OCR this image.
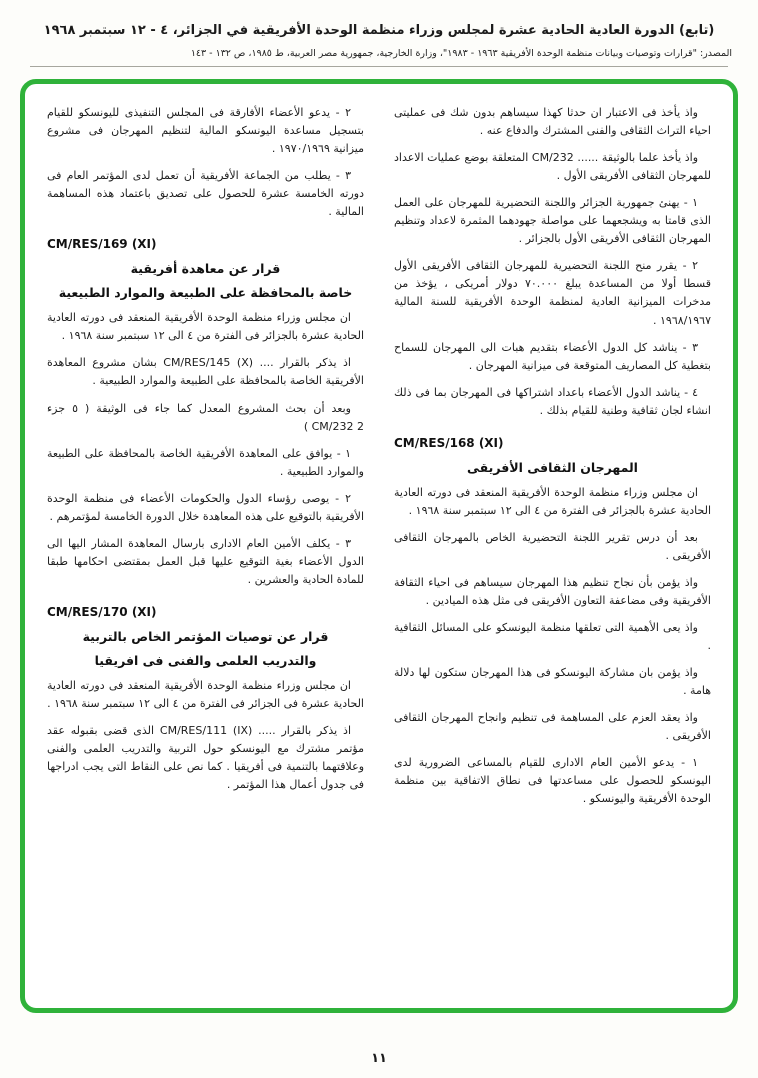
(تابع) الدورة العادية الحادية عشرة لمجلس وزراء منظمة الوحدة الأفريقية في الجزائر، ٤ - ١٢ سبتمبر ١٩٦٨
المصدر: "قرارات وتوصيات وبيانات منظمة الوحدة الأفريقية ١٩٦٣ - ١٩٨٣"، وزارة الخارجية، جمهورية مصر العربية، ط ١٩٨٥، ص ١٣٢ - ١٤٣

واذ يأخذ فى الاعتبار ان حدثا كهذا سيساهم بدون شك فى عمليتى احياء التراث الثقافى والفنى المشترك والدفاع عنه .

واذ يأخذ علما بالوثيقة ...... CM/232 المتعلقة بوضع عمليات الاعداد للمهرجان الثقافى الأفريقى الأول .

١ - يهنئ جمهورية الجزائر واللجنة التحضيرية للمهرجان على العمل الذى قامتا به ويشجعهما على مواصلة جهودهما المثمرة لاعداد وتنظيم المهرجان الثقافى الأفريقى الأول بالجزائر .

٢ - يقرر منح اللجنة التحضيرية للمهرجان الثقافى الأفريقى الأول قسطا أولا من المساعدة يبلغ ٧٠.٠٠٠ دولار أمريكى ، يؤخذ من مدخرات الميزانية العادية لمنظمة الوحدة الأفريقية للسنة المالية ١٩٦٨/١٩٦٧ .

٣ - يناشد كل الدول الأعضاء بتقديم هبات الى المهرجان للسماح بتغطية كل المصاريف المتوقعة فى ميزانية المهرجان .

٤ - يناشد الدول الأعضاء باعداد اشتراكها فى المهرجان بما فى ذلك انشاء لجان ثقافية وطنية للقيام بذلك .

CM/RES/168 (XI)
المهرجان الثقافى الأفريقى

ان مجلس وزراء منظمة الوحدة الأفريقية المنعقد فى دورته العادية الحادية عشرة بالجزائر فى الفترة من ٤ الى ١٢ سبتمبر سنة ١٩٦٨ .

بعد أن درس تقرير اللجنة التحضيرية الخاص بالمهرجان الثقافى الأفريقى .

واذ يؤمن بأن نجاح تنظيم هذا المهرجان سيساهم فى احياء الثقافة الأفريقية وفى مضاعفة التعاون الأفريقى فى مثل هذه الميادين .

واذ يعى الأهمية التى تعلقها منظمة اليونسكو على المسائل الثقافية .

واذ يؤمن بان مشاركة اليونسكو فى هذا المهرجان ستكون لها دلالة هامة .

واذ يعقد العزم على المساهمة فى تنظيم وانجاح المهرجان الثقافى الأفريقى .

١ - يدعو الأمين العام الادارى للقيام بالمساعى الضرورية لدى اليونسكو للحصول على مساعدتها فى نطاق الاتفاقية بين منظمة الوحدة الأفريقية واليونسكو .

٢ - يدعو الأعضاء الأفارقة فى المجلس التنفيذى لليونسكو للقيام بتسجيل مساعدة اليونسكو المالية لتنظيم المهرجان فى مشروع ميزانية ١٩٧٠/١٩٦٩ .

٣ - يطلب من الجماعة الأفريقية أن تعمل لدى المؤتمر العام فى دورته الخامسة عشرة للحصول على تصديق باعتماد هذه المساهمة المالية .

CM/RES/169 (XI)
قرار عن معاهدة أفريقية
خاصة بالمحافظة على الطبيعة والموارد الطبيعية

ان مجلس وزراء منظمة الوحدة الأفريقية المنعقد فى دورته العادية الحادية عشرة بالجزائر فى الفترة من ٤ الى ١٢ سبتمبر سنة ١٩٦٨ .

اذ يذكر بالقرار .... CM/RES/145 (X) بشان مشروع المعاهدة الأفريقية الخاصة بالمحافظة على الطبيعة والموارد الطبيعية .

وبعد أن بحث المشروع المعدل كما جاء فى الوثيقة ( ٥ جزء CM/232 2 )

١ - يوافق على المعاهدة الأفريقية الخاصة بالمحافظة على الطبيعة والموارد الطبيعية .

٢ - يوصى رؤساء الدول والحكومات الأعضاء فى منظمة الوحدة الأفريقية بالتوقيع على هذه المعاهدة خلال الدورة الخامسة لمؤتمرهم .

٣ - يكلف الأمين العام الادارى بارسال المعاهدة المشار اليها الى الدول الأعضاء بغية التوقيع عليها قبل العمل بمقتضى احكامها طبقا للمادة الحادية والعشرين .

CM/RES/170 (XI)
قرار عن توصيات المؤتمر الخاص بالتربية
والتدريب العلمى والفنى فى افريقيا

ان مجلس وزراء منظمة الوحدة الأفريقية المنعقد فى دورته العادية الحادية عشرة فى الجزائر فى الفترة من ٤ الى ١٢ سبتمبر سنة ١٩٦٨ .

اذ يذكر بالقرار ..... CM/RES/111 (IX) الذى قضى بقبوله عقد مؤتمر مشترك مع اليونسكو حول التربية والتدريب العلمى والفنى وعلاقتهما بالتنمية فى أفريقيا . كما نص على النقاط التى يجب ادراجها فى جدول أعمال هذا المؤتمر .

١١
